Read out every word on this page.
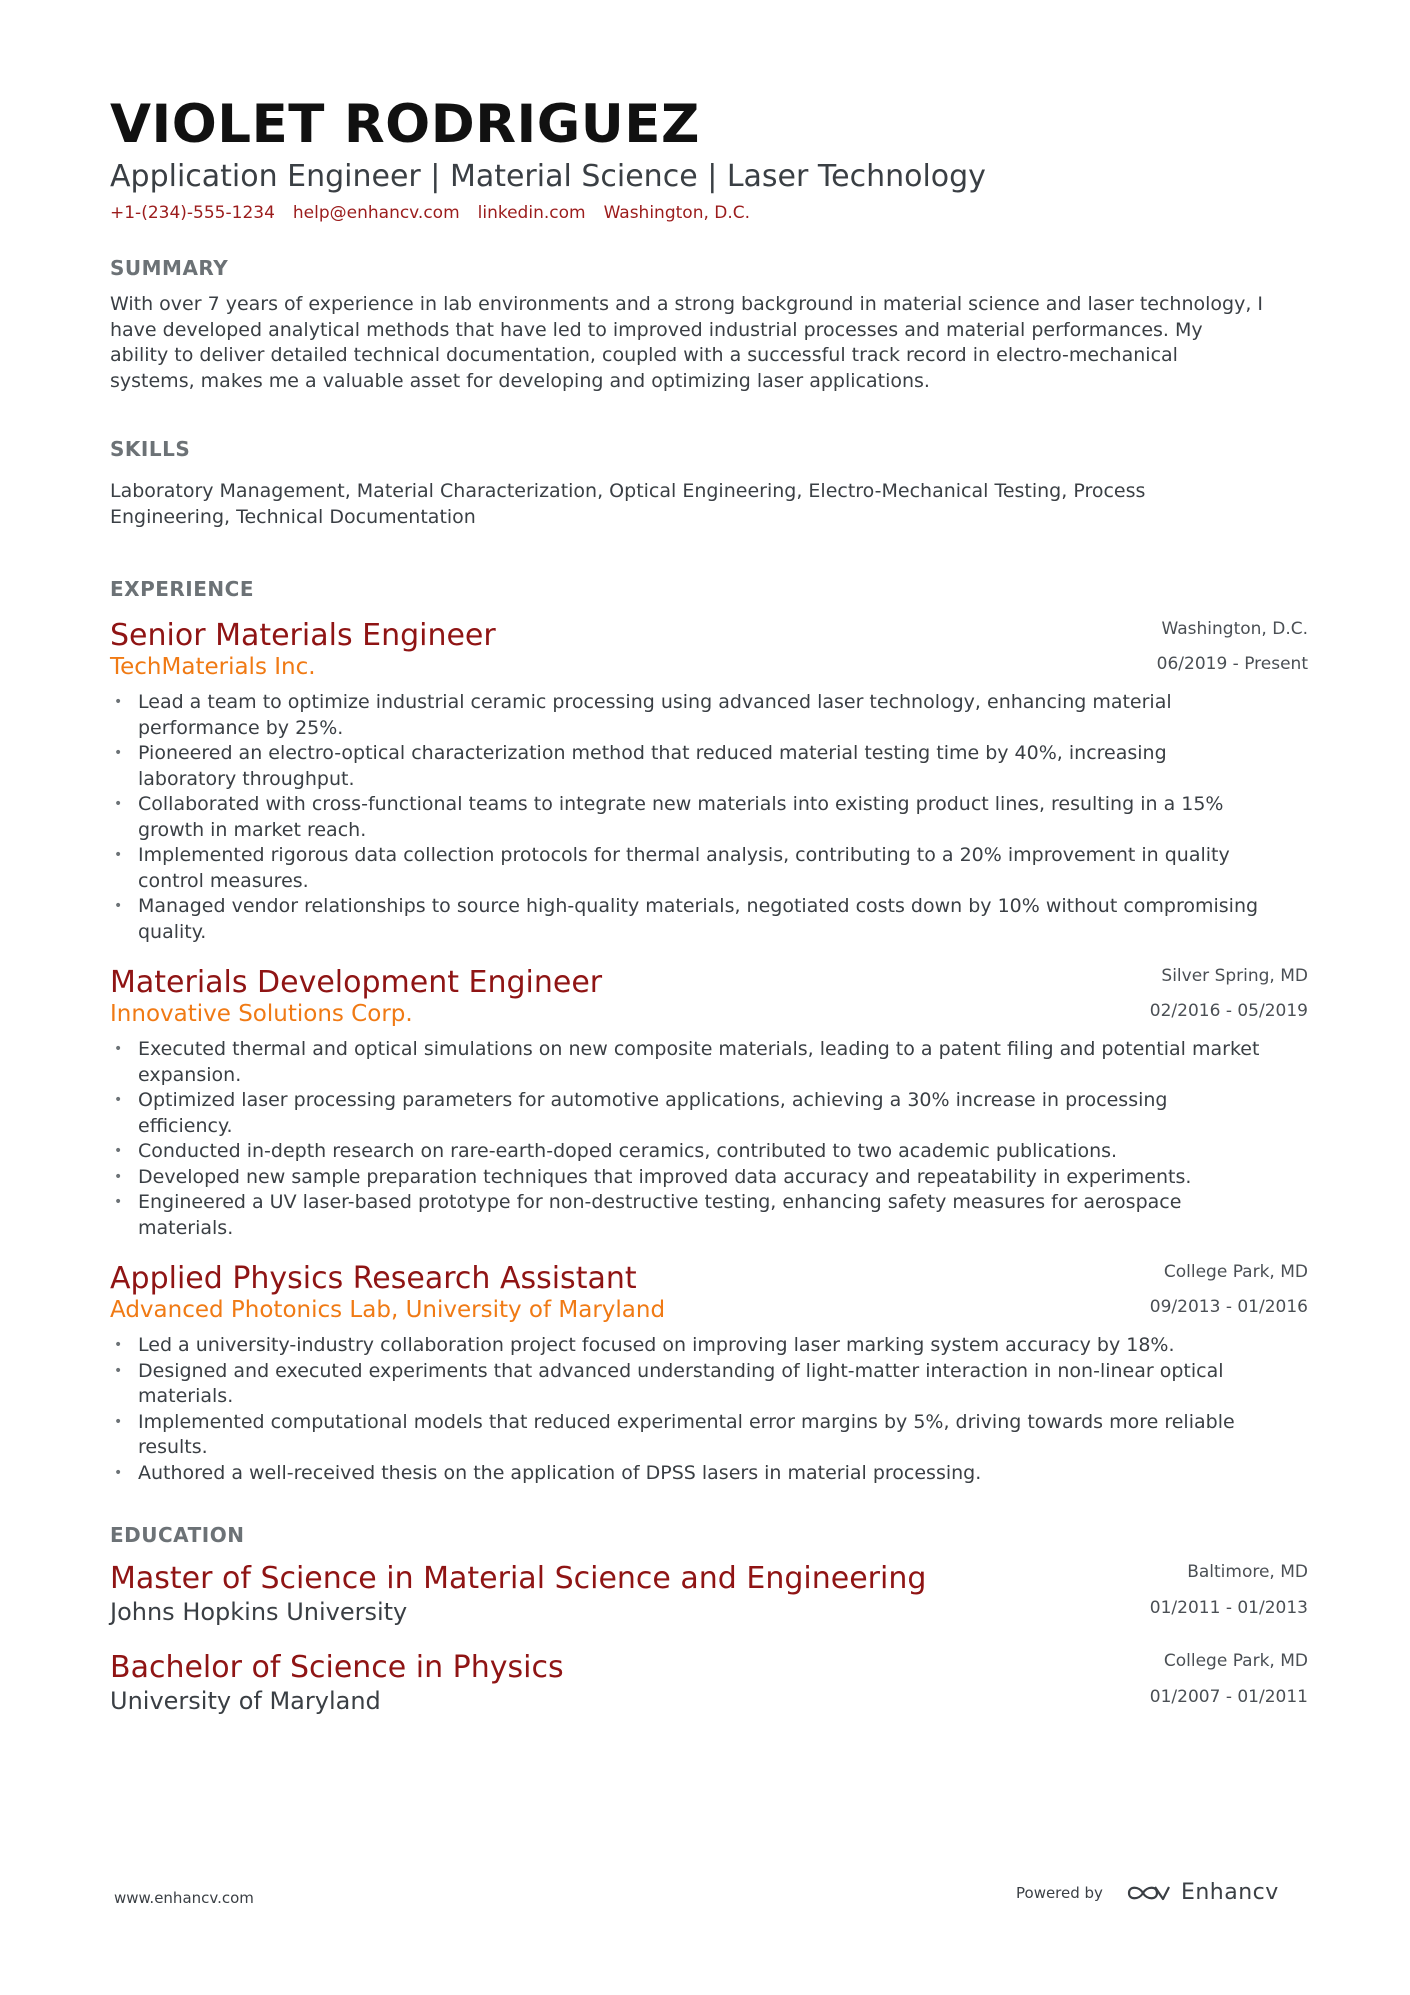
VIOLET RODRIGUEZ
Application Engineer | Material Science | Laser Technology
+1-(234)-555-1234 help@enhancv.com linkedin.com Washington, D.C.
SUMMARY
With over 7 years of experience in lab environments and a strong background in material science and laser technology, I
have developed analytical methods that have led to improved industrial processes and material performances. My
ability to deliver detailed technical documentation, coupled with a successful track record in electro-mechanical
systems, makes me a valuable asset for developing and optimizing laser applications.
SKILLS
Laboratory Management, Material Characterization, Optical Engineering, Electro-Mechanical Testing, Process
Engineering, Technical Documentation
EXPERIENCE
Senior Materials Engineer	Washington, D.C.
TechMaterials Inc.	06/2019 - Present
• Lead a team to optimize industrial ceramic processing using advanced laser technology, enhancing material
performance by 25%.
• Pioneered an electro-optical characterization method that reduced material testing time by 40%, increasing
laboratory throughput.
• Collaborated with cross-functional teams to integrate new materials into existing product lines, resulting in a 15%
growth in market reach.
• Implemented rigorous data collection protocols for thermal analysis, contributing to a 20% improvement in quality
control measures.
• Managed vendor relationships to source high-quality materials, negotiated costs down by 10% without compromising
quality.
Materials Development Engineer	Silver Spring, MD
Innovative Solutions Corp.	02/2016 - 05/2019
• Executed thermal and optical simulations on new composite materials, leading to a patent filing and potential market
expansion.
• Optimized laser processing parameters for automotive applications, achieving a 30% increase in processing
efficiency.
• Conducted in-depth research on rare-earth-doped ceramics, contributed to two academic publications.
• Developed new sample preparation techniques that improved data accuracy and repeatability in experiments.
• Engineered a UV laser-based prototype for non-destructive testing, enhancing safety measures for aerospace
materials.
Applied Physics Research Assistant	College Park, MD
Advanced Photonics Lab, University of Maryland	09/2013 - 01/2016
• Led a university-industry collaboration project focused on improving laser marking system accuracy by 18%.
• Designed and executed experiments that advanced understanding of light-matter interaction in non-linear optical
materials.
• Implemented computational models that reduced experimental error margins by 5%, driving towards more reliable
results.
• Authored a well-received thesis on the application of DPSS lasers in material processing.
EDUCATION
Master of Science in Material Science and Engineering	Baltimore, MD
Johns Hopkins University	01/2011 - 01/2013
Bachelor of Science in Physics	College Park, MD
University of Maryland	01/2007 - 01/2011
www.enhancv.com	Powered by	Enhancv
